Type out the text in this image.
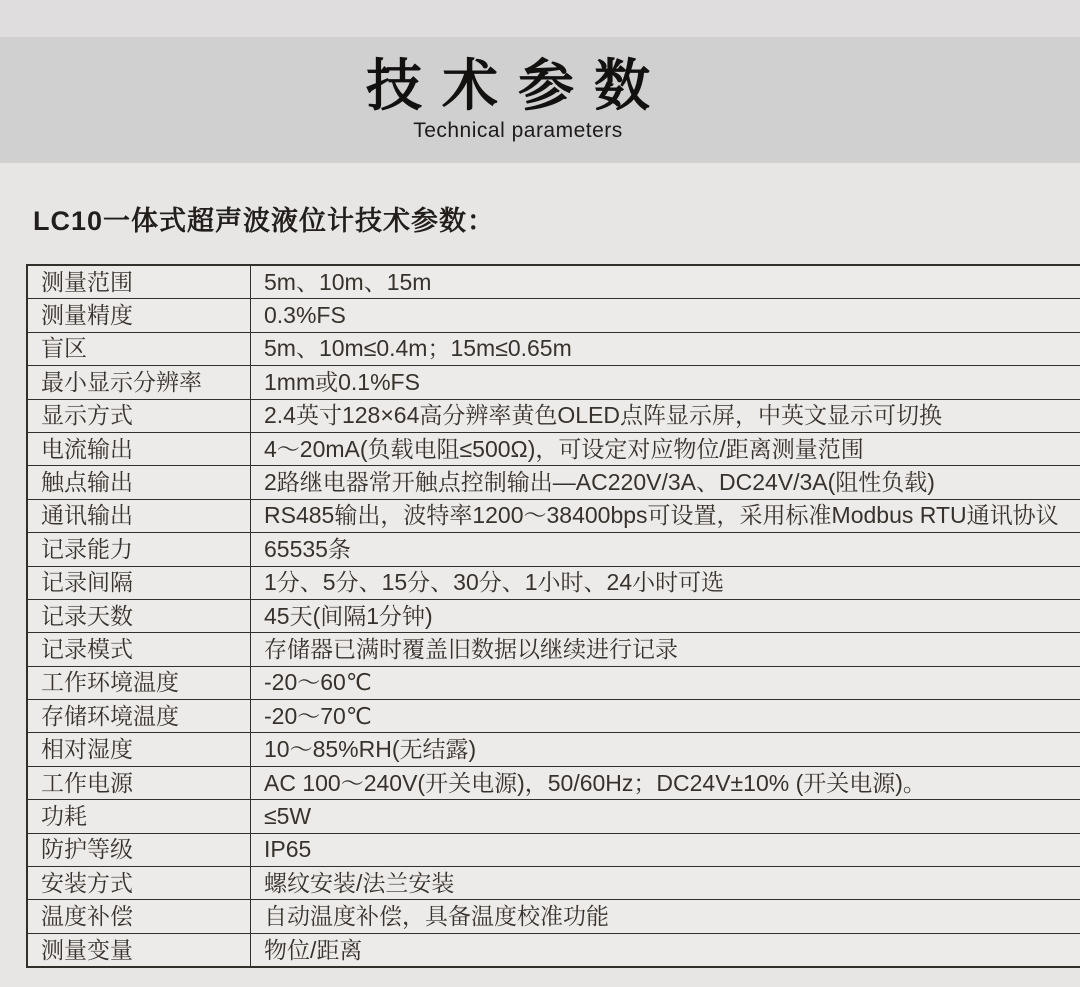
技术参数
Technical parameters
LC10一体式超声波液位计技术参数：
测量范围	5m、10m、15m
测量精度	0.3%FS
盲区	5m、10m≤0.4m；15m≤0.65m
最小显示分辨率	1mm或0.1%FS
显示方式	2.4英寸128×64高分辨率黄色OLED点阵显示屏，中英文显示可切换
电流输出	4～20mA(负载电阻≤500Ω)，可设定对应物位/距离测量范围
触点输出	2路继电器常开触点控制输出—AC220V/3A、DC24V/3A(阻性负载)
通讯输出	RS485输出，波特率1200～38400bps可设置，采用标准Modbus RTU通讯协议
记录能力	65535条
记录间隔	1分、5分、15分、30分、1小时、24小时可选
记录天数	45天(间隔1分钟)
记录模式	存储器已满时覆盖旧数据以继续进行记录
工作环境温度	-20～60℃
存储环境温度	-20～70℃
相对湿度	10～85%RH(无结露)
工作电源	AC 100～240V(开关电源)，50/60Hz；DC24V±10% (开关电源)。
功耗	≤5W
防护等级	IP65
安装方式	螺纹安装/法兰安装
温度补偿	自动温度补偿，具备温度校准功能
测量变量	物位/距离
